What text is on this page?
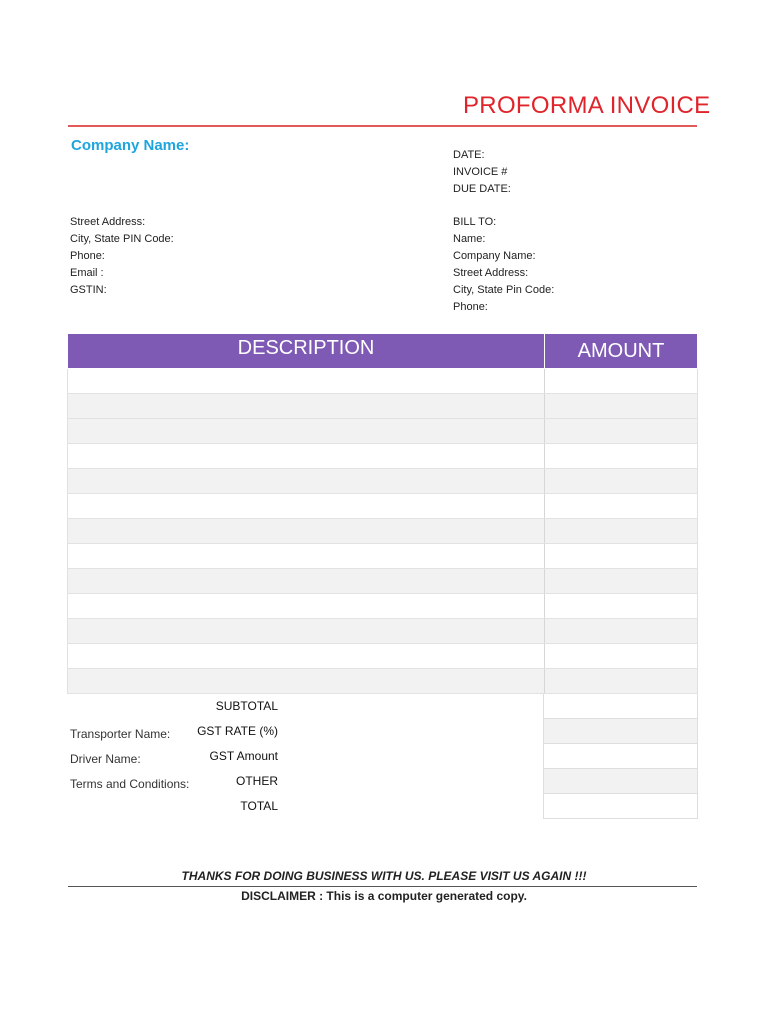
PROFORMA INVOICE
Company Name:
DATE:
INVOICE #
DUE DATE:
Street Address:
City, State PIN Code:
Phone:
Email :
GSTIN:
BILL TO:
Name:
Company Name:
Street Address:
City, State Pin Code:
Phone:
DESCRIPTION	AMOUNT

SUBTOTAL
GST RATE (%)
GST Amount
OTHER
TOTAL
Transporter Name:
Driver Name:
Terms and Conditions:
THANKS FOR DOING BUSINESS WITH US. PLEASE VISIT US AGAIN !!!
DISCLAIMER : This is a computer generated copy.
